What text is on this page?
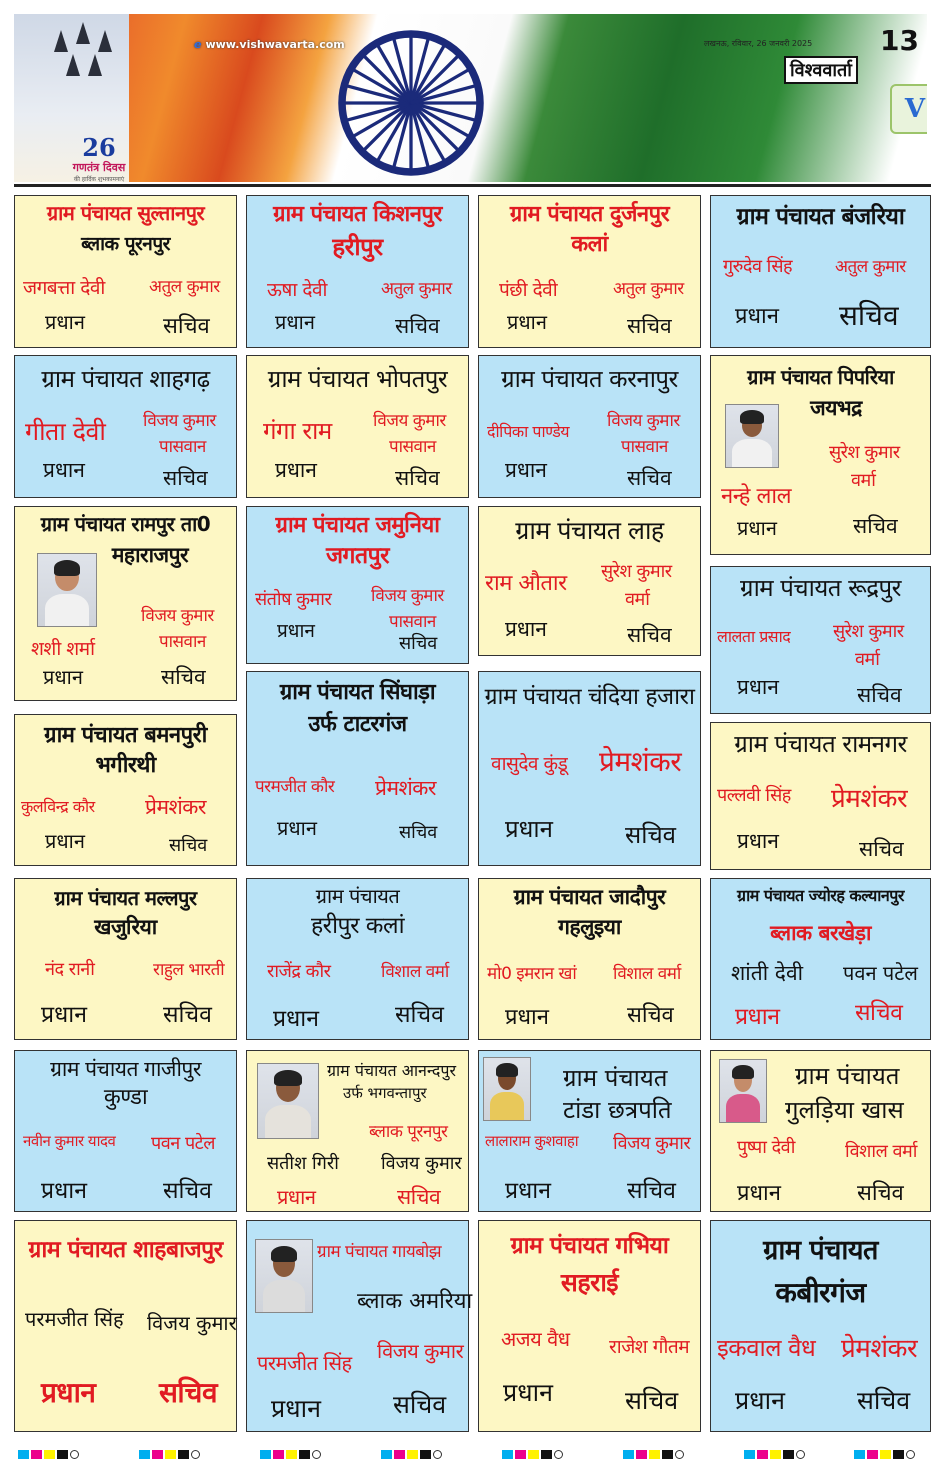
26
गणतंत्र दिवस
की हार्दिक शुभकामनाएं
e www.vishwavarta.com	लखनऊ, रविवार, 26 जनवरी 2025
विश्ववार्ता
V
13
ग्राम पंचायत सुल्तानपुर
ब्लाक पूरनपुर
जगबत्ता देवी	अतुल कुमार
प्रधान	सचिव
ग्राम पंचायत किशनपुर
हरीपुर
ऊषा देवी	अतुल कुमार
प्रधान	सचिव
ग्राम पंचायत दुर्जनपुर
कलां
पंछी देवी	अतुल कुमार
प्रधान	सचिव
ग्राम पंचायत बंजरिया
गुरुदेव सिंह	अतुल कुमार
प्रधान सचिव
ग्राम पंचायत शाहगढ़
गीता देवी विजय कुमार
पासवान
प्रधान	सचिव
ग्राम पंचायत भोपतपुर
गंगा राम विजय कुमार
पासवान
प्रधान	सचिव
ग्राम पंचायत करनापुर
दीपिका पाण्डेय
विजय कुमार
पासवान
प्रधान	सचिव
ग्राम पंचायत पिपरिया
जयभद्र
सुरेश कुमार
वर्मा
नन्हे लाल
प्रधान	सचिव
ग्राम पंचायत रामपुर ता0
महाराजपुर
विजय कुमार
पासवान
शशी शर्मा
प्रधान	सचिव
ग्राम पंचायत जमुनिया
जगतपुर
संतोष कुमार विजय कुमार
पासवान
प्रधान
सचिव
ग्राम पंचायत लाह
राम औतार सुरेश कुमार
वर्मा
प्रधान	सचिव
ग्राम पंचायत रूद्रपुर
लालता प्रसाद सुरेश कुमार
वर्मा
प्रधान	सचिव
ग्राम पंचायत सिंघाड़ा
उर्फ टाटरगंज
परमजीत कौर प्रेमशंकर
प्रधान	सचिव
ग्राम पंचायत बमनपुरी
भगीरथी
कुलविन्द्र कौर प्रेमशंकर
प्रधान	सचिव
ग्राम पंचायत चंदिया हजारा
वासुदेव कुंडू प्रेमशंकर
प्रधान	सचिव
ग्राम पंचायत रामनगर
पल्लवी सिंह प्रेमशंकर
प्रधान	सचिव
ग्राम पंचायत मल्लपुर
खजुरिया
नंद रानी	राहुल भारती
प्रधान	सचिव
ग्राम पंचायत
हरीपुर कलां
राजेंद्र कौर	विशाल वर्मा
प्रधान	सचिव
ग्राम पंचायत जादौपुर
गहलुइया
मो0 इमरान खां विशाल वर्मा
प्रधान	सचिव
ग्राम पंचायत ज्योरह कल्यानपुर
ब्लाक बरखेड़ा
शांती देवी पवन पटेल
प्रधान	सचिव
ग्राम पंचायत गाजीपुर
कुण्डा
नवीन कुमार यादव पवन पटेल
प्रधान	सचिव
ग्राम पंचायत आनन्दपुर
उर्फ भगवन्तापुर
ब्लाक पूरनपुर
सतीश गिरी विजय कुमार
प्रधान	सचिव
ग्राम पंचायत
टांडा छत्रपति
लालाराम कुशवाहा विजय कुमार
प्रधान	सचिव
ग्राम पंचायत
गुलड़िया खास
पुष्पा देवी	विशाल वर्मा
प्रधान	सचिव
ग्राम पंचायत शाहबाजपुर
परमजीत सिंह विजय कुमार
प्रधान सचिव
ग्राम पंचायत गायबोझ
ब्लाक अमरिया
परमजीत सिंह विजय कुमार
प्रधान	सचिव
ग्राम पंचायत गभिया
सहराई
अजय वैध राजेश गौतम
प्रधान	सचिव
ग्राम पंचायत
कबीरगंज
इकवाल वैध प्रेमशंकर
प्रधान	सचिव
